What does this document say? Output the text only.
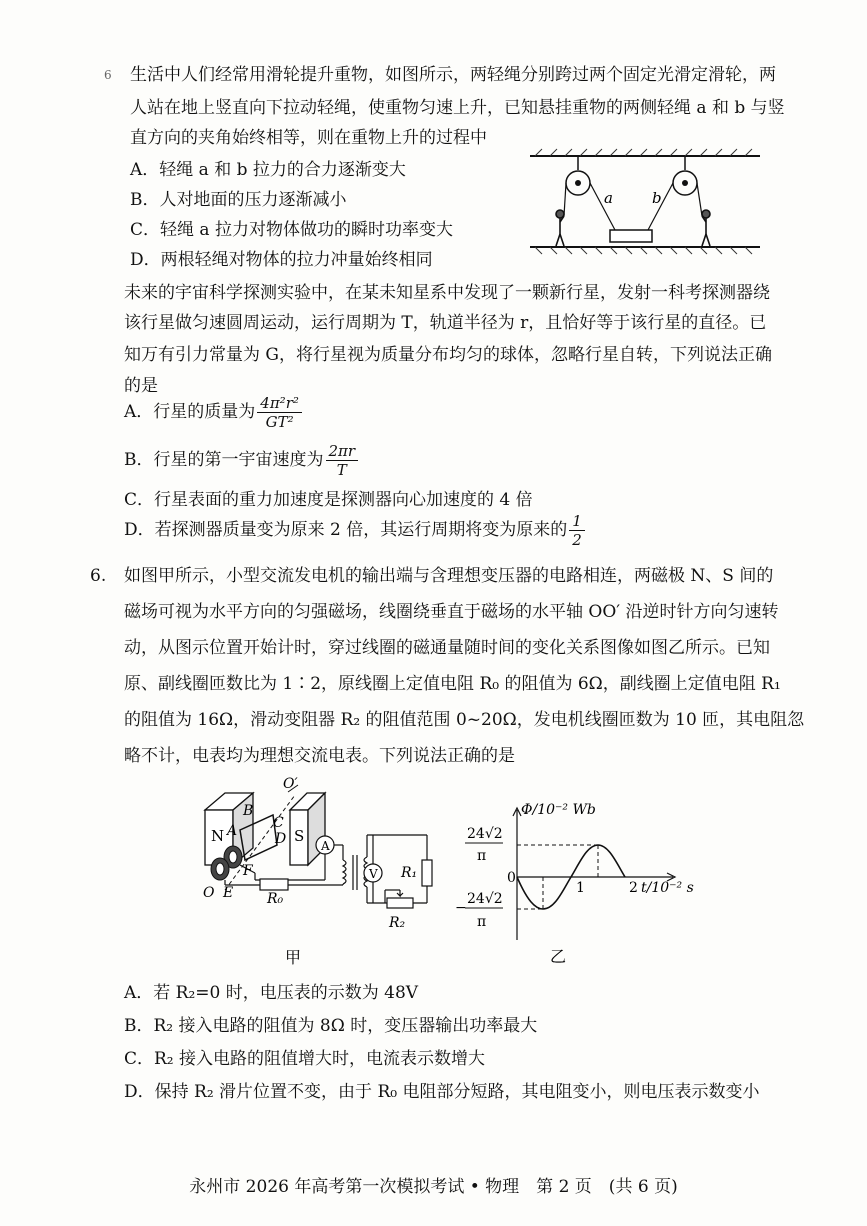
6 生活中人们经常用滑轮提升重物，如图所示，两轻绳分别跨过两个固定光滑定滑轮，两
人站在地上竖直向下拉动轻绳，使重物匀速上升，已知悬挂重物的两侧轻绳 a 和 b 与竖
直方向的夹角始终相等，则在重物上升的过程中
A．轻绳 a 和 b 拉力的合力逐渐变大
B．人对地面的压力逐渐减小
C．轻绳 a 拉力对物体做功的瞬时功率变大
D．两根轻绳对物体的拉力冲量始终相同
a	b
未来的宇宙科学探测实验中，在某未知星系中发现了一颗新行星，发射一科考探测器绕
该行星做匀速圆周运动，运行周期为 T，轨道半径为 r，且恰好等于该行星的直径。已
知万有引力常量为 G，将行星视为质量分布均匀的球体，忽略行星自转，下列说法正确
的是
A．行星的质量为 $\frac{\text{4π²r²}}{\text{GT²}}$
B．行星的第一宇宙速度为 $\frac{2\pi r}{T}$
C．行星表面的重力加速度是探测器向心加速度的 4 倍
D．若探测器质量变为原来 2 倍，其运行周期将变为原来的 $\frac{1}{2}$
6. 如图甲所示，小型交流发电机的输出端与含理想变压器的电路相连，两磁极 N、S 间的
磁场可视为水平方向的匀强磁场，线圈绕垂直于磁场的水平轴 OO′ 沿逆时针方向匀速转
动，从图示位置开始计时，穿过线圈的磁通量随时间的变化关系图像如图乙所示。已知
原、副线圈匝数比为 1∶2，原线圈上定值电阻 R₀ 的阻值为 6Ω，副线圈上定值电阻 R₁
的阻值为 16Ω，滑动变阻器 R₂ 的阻值范围 0~20Ω，发电机线圈匝数为 10 匝，其电阻忽
略不计，电表均为理想交流电表。下列说法正确的是
O′
B
N A	C
D S
F
O E R₀
A
V R₁
R₂
甲
Φ/10⁻² Wb
24√2
π
0
−
24√2
π
1	2 t/10⁻² s
乙
A．若 R₂=0 时，电压表的示数为 48V
B．R₂ 接入电路的阻值为 8Ω 时，变压器输出功率最大
C．R₂ 接入电路的阻值增大时，电流表示数增大
D．保持 R₂ 滑片位置不变，由于 R₀ 电阻部分短路，其电阻变小，则电压表示数变小
永州市 2026 年高考第一次模拟考试 • 物理　第 2 页　(共 6 页)
